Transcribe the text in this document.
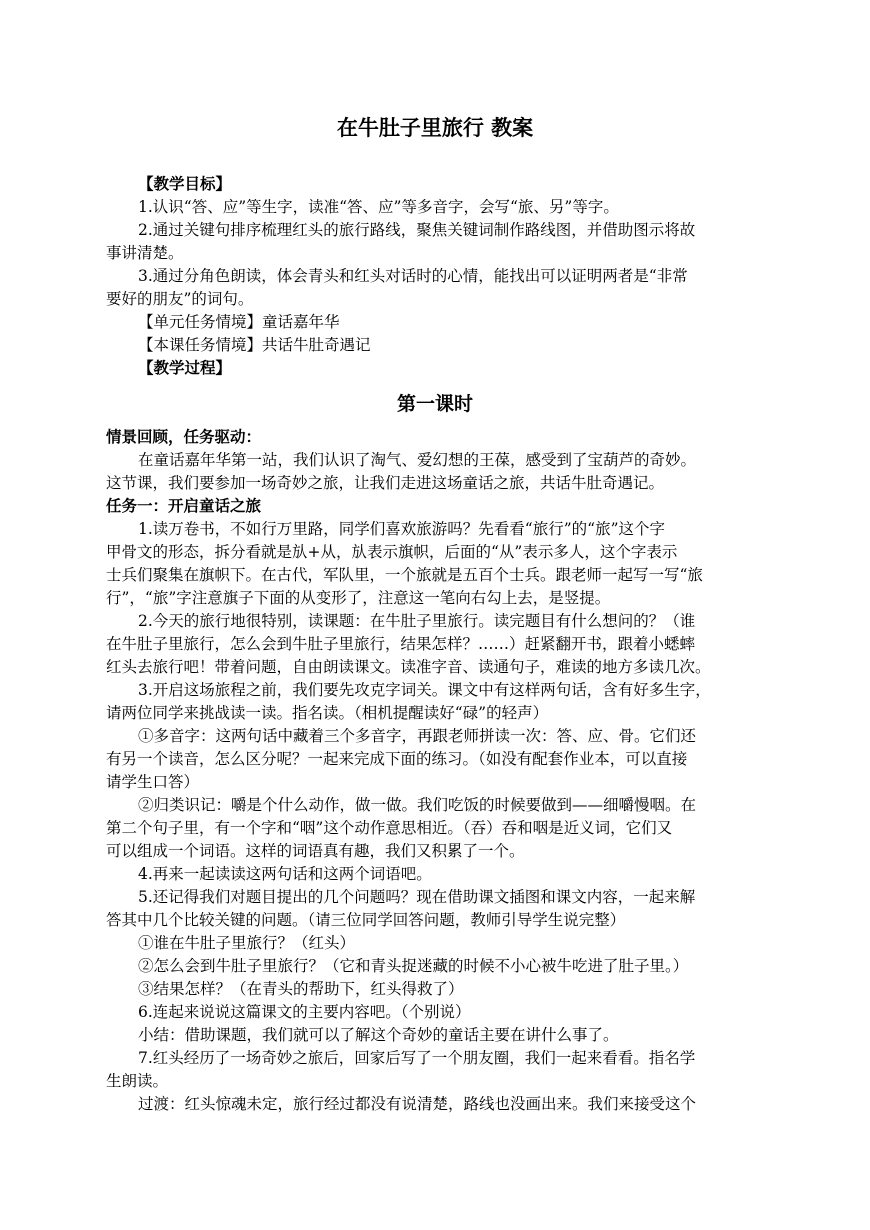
在牛肚子里旅行 教案
【教学目标】
1.认识“答、应”等生字，读准“答、应”等多音字，会写“旅、另”等字。
2.通过关键句排序梳理红头的旅行路线，聚焦关键词制作路线图，并借助图示将故
事讲清楚。
3.通过分角色朗读，体会青头和红头对话时的心情，能找出可以证明两者是“非常
要好的朋友”的词句。
【单元任务情境】童话嘉年华
【本课任务情境】共话牛肚奇遇记
【教学过程】
第一课时
情景回顾，任务驱动：
在童话嘉年华第一站，我们认识了淘气、爱幻想的王葆，感受到了宝葫芦的奇妙。
这节课，我们要参加一场奇妙之旅，让我们走进这场童话之旅，共话牛肚奇遇记。
任务一：开启童话之旅
1.读万卷书，不如行万里路，同学们喜欢旅游吗？先看看“旅行”的“旅”这个字
甲骨文的形态，拆分看就是㫃+从，㫃表示旗帜，后面的“从”表示多人，这个字表示
士兵们聚集在旗帜下。在古代，军队里，一个旅就是五百个士兵。跟老师一起写一写“旅
行”，“旅”字注意旗子下面的从变形了，注意这一笔向右勾上去，是竖提。
2.今天的旅行地很特别，读课题：在牛肚子里旅行。读完题目有什么想问的？（谁
在牛肚子里旅行，怎么会到牛肚子里旅行，结果怎样？……）赶紧翻开书，跟着小蟋蟀
红头去旅行吧！带着问题，自由朗读课文。读准字音、读通句子，难读的地方多读几次。
3.开启这场旅程之前，我们要先攻克字词关。课文中有这样两句话，含有好多生字，
请两位同学来挑战读一读。指名读。（相机提醒读好“碌”的轻声）
①多音字：这两句话中藏着三个多音字，再跟老师拼读一次：答、应、骨。它们还
有另一个读音，怎么区分呢？一起来完成下面的练习。（如没有配套作业本，可以直接
请学生口答）
②归类识记：嚼是个什么动作，做一做。我们吃饭的时候要做到——细嚼慢咽。在
第二个句子里，有一个字和“咽”这个动作意思相近。（吞）吞和咽是近义词，它们又
可以组成一个词语。这样的词语真有趣，我们又积累了一个。
4.再来一起读读这两句话和这两个词语吧。
5.还记得我们对题目提出的几个问题吗？现在借助课文插图和课文内容，一起来解
答其中几个比较关键的问题。（请三位同学回答问题，教师引导学生说完整）
①谁在牛肚子里旅行？（红头）
②怎么会到牛肚子里旅行？（它和青头捉迷藏的时候不小心被牛吃进了肚子里。）
③结果怎样？（在青头的帮助下，红头得救了）
6.连起来说说这篇课文的主要内容吧。（个别说）
小结：借助课题，我们就可以了解这个奇妙的童话主要在讲什么事了。
7.红头经历了一场奇妙之旅后，回家后写了一个朋友圈，我们一起来看看。指名学
生朗读。
过渡：红头惊魂未定，旅行经过都没有说清楚，路线也没画出来。我们来接受这个
